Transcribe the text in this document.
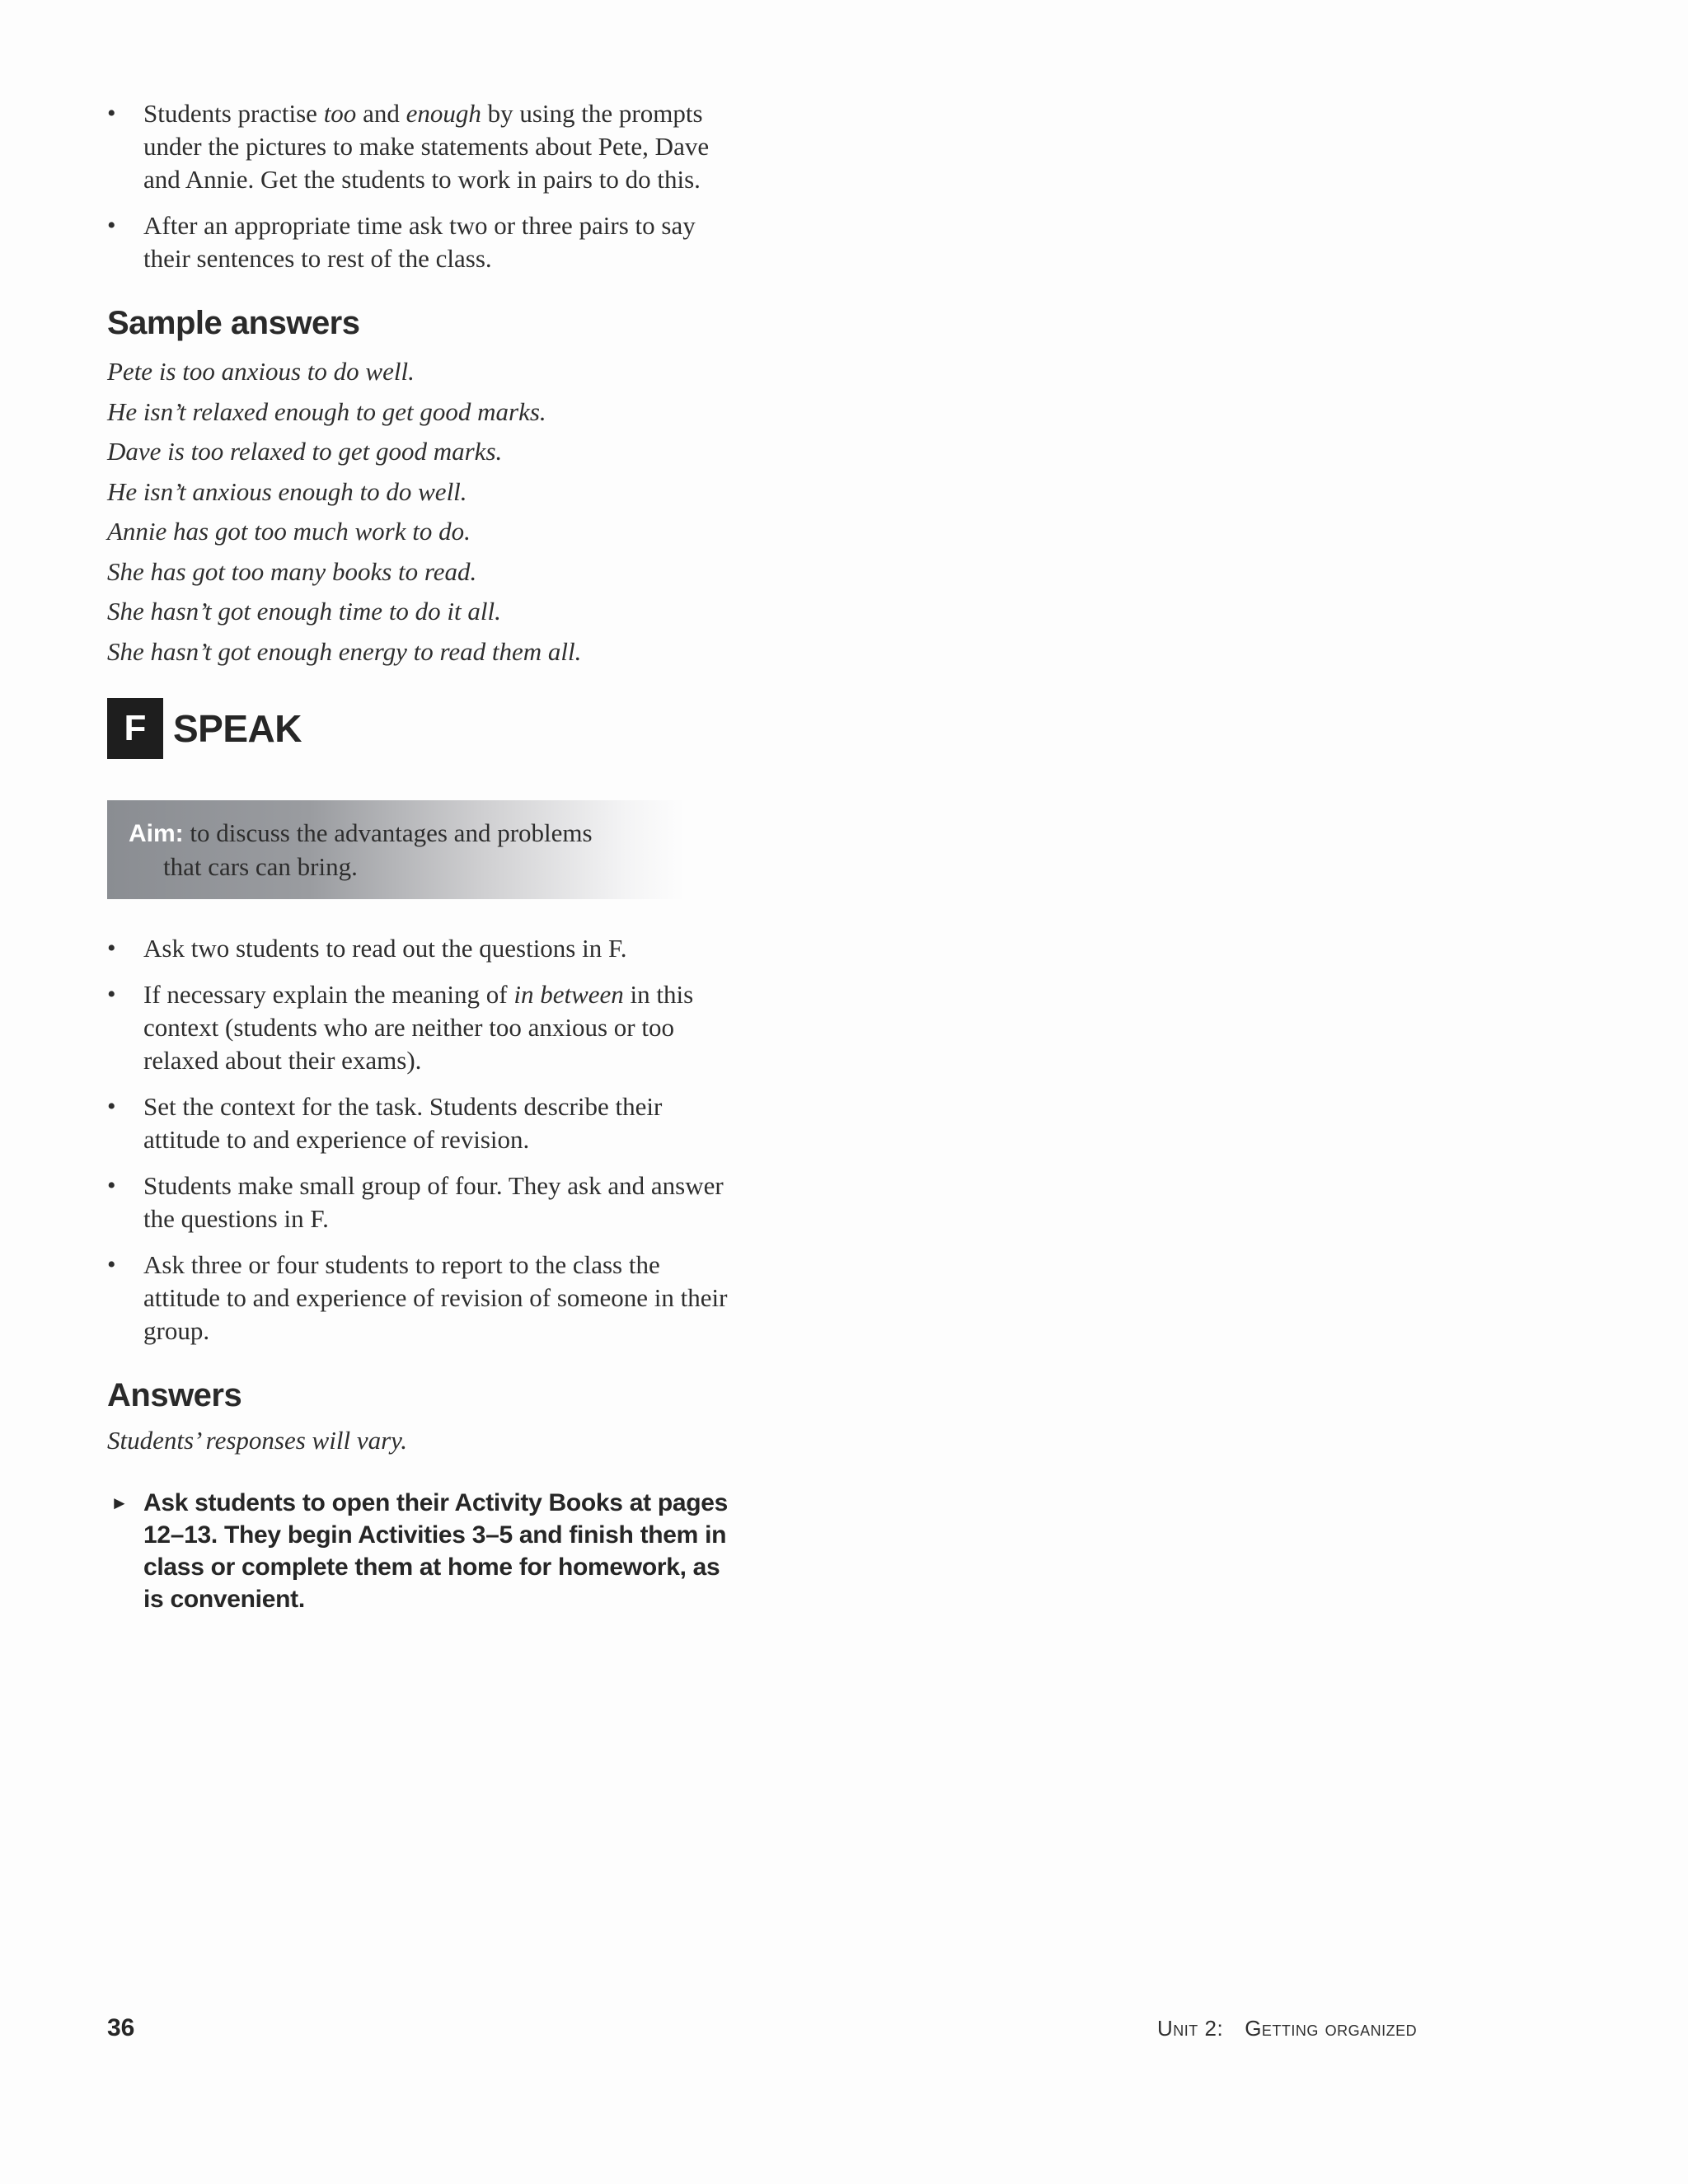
• Students practise too and enough by using the prompts under the pictures to make statements about Pete, Dave and Annie. Get the students to work in pairs to do this.
• After an appropriate time ask two or three pairs to say their sentences to rest of the class.
Sample answers

Pete is too anxious to do well.

He isn’t relaxed enough to get good marks.

Dave is too relaxed to get good marks.

He isn’t anxious enough to do well.

Annie has got too much work to do.

She has got too many books to read.

She hasn’t got enough time to do it all.

She hasn’t got enough energy to read them all.

F SPEAK
Aim: to discuss the advantages and problems
that cars can bring.
• Ask two students to read out the questions in F.
• If necessary explain the meaning of in between in this context (students who are neither too anxious or too relaxed about their exams).
• Set the context for the task. Students describe their attitude to and experience of revision.
• Students make small group of four. They ask and answer the questions in F.
• Ask three or four students to report to the class the attitude to and experience of revision of someone in their group.
Answers

Students’ responses will vary.

► Ask students to open their Activity Books at pages 12–13. They begin Activities 3–5 and finish them in class or complete them at home for homework, as is convenient.
36	Unit 2: Getting organized
